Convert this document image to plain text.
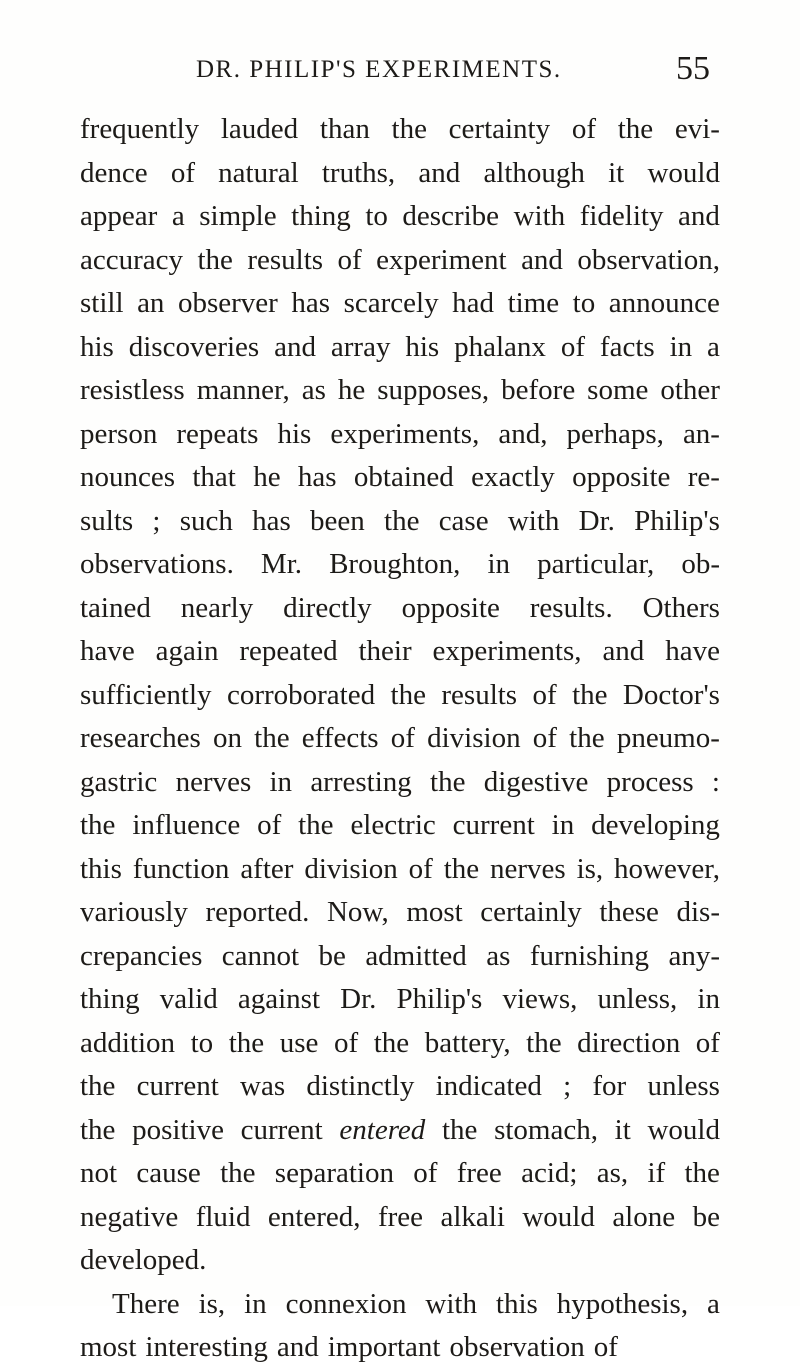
DR. PHILIP'S EXPERIMENTS.	55
frequently lauded than the certainty of the evi-
dence of natural truths, and although it would
appear a simple thing to describe with fidelity and
accuracy the results of experiment and observation,
still an observer has scarcely had time to announce
his discoveries and array his phalanx of facts in a
resistless manner, as he supposes, before some other
person repeats his experiments, and, perhaps, an-
nounces that he has obtained exactly opposite re-
sults ; such has been the case with Dr. Philip's
observations. Mr. Broughton, in particular, ob-
tained nearly directly opposite results. Others
have again repeated their experiments, and have
sufficiently corroborated the results of the Doctor's
researches on the effects of division of the pneumo-
gastric nerves in arresting the digestive process :
the influence of the electric current in developing
this function after division of the nerves is, however,
variously reported. Now, most certainly these dis-
crepancies cannot be admitted as furnishing any-
thing valid against Dr. Philip's views, unless, in
addition to the use of the battery, the direction of
the current was distinctly indicated ; for unless
the positive current entered the stomach, it would
not cause the separation of free acid; as, if the
negative fluid entered, free alkali would alone be
developed.
There is, in connexion with this hypothesis, a
most interesting and important observation of
